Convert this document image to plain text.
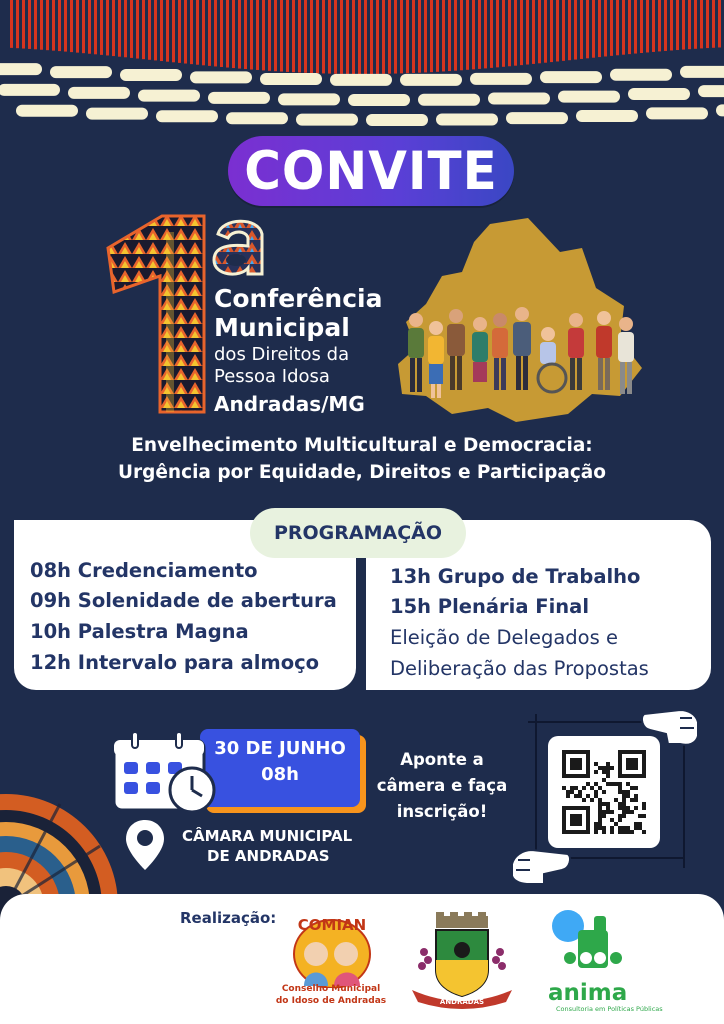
CONVITE
Conferência
Municipal
dos Direitos da
Pessoa Idosa
Andradas/MG
Envelhecimento Multicultural e Democracia:
Urgência por Equidade, Direitos e Participação
PROGRAMAÇÃO
08h Credenciamento
09h Solenidade de abertura
10h Palestra Magna
12h Intervalo para almoço
13h Grupo de Trabalho
15h Plenária Final
Eleição de Delegados e
Deliberação das Propostas
30 DE JUNHO
08h
CÂMARA MUNICIPAL
DE ANDRADAS
Aponte a
câmera e faça
inscrição!
Realização: COMIAN
Conselho Municipal
do Idoso de Andradas	ANDRADAS	anima
Consultoria em Políticas Públicas
